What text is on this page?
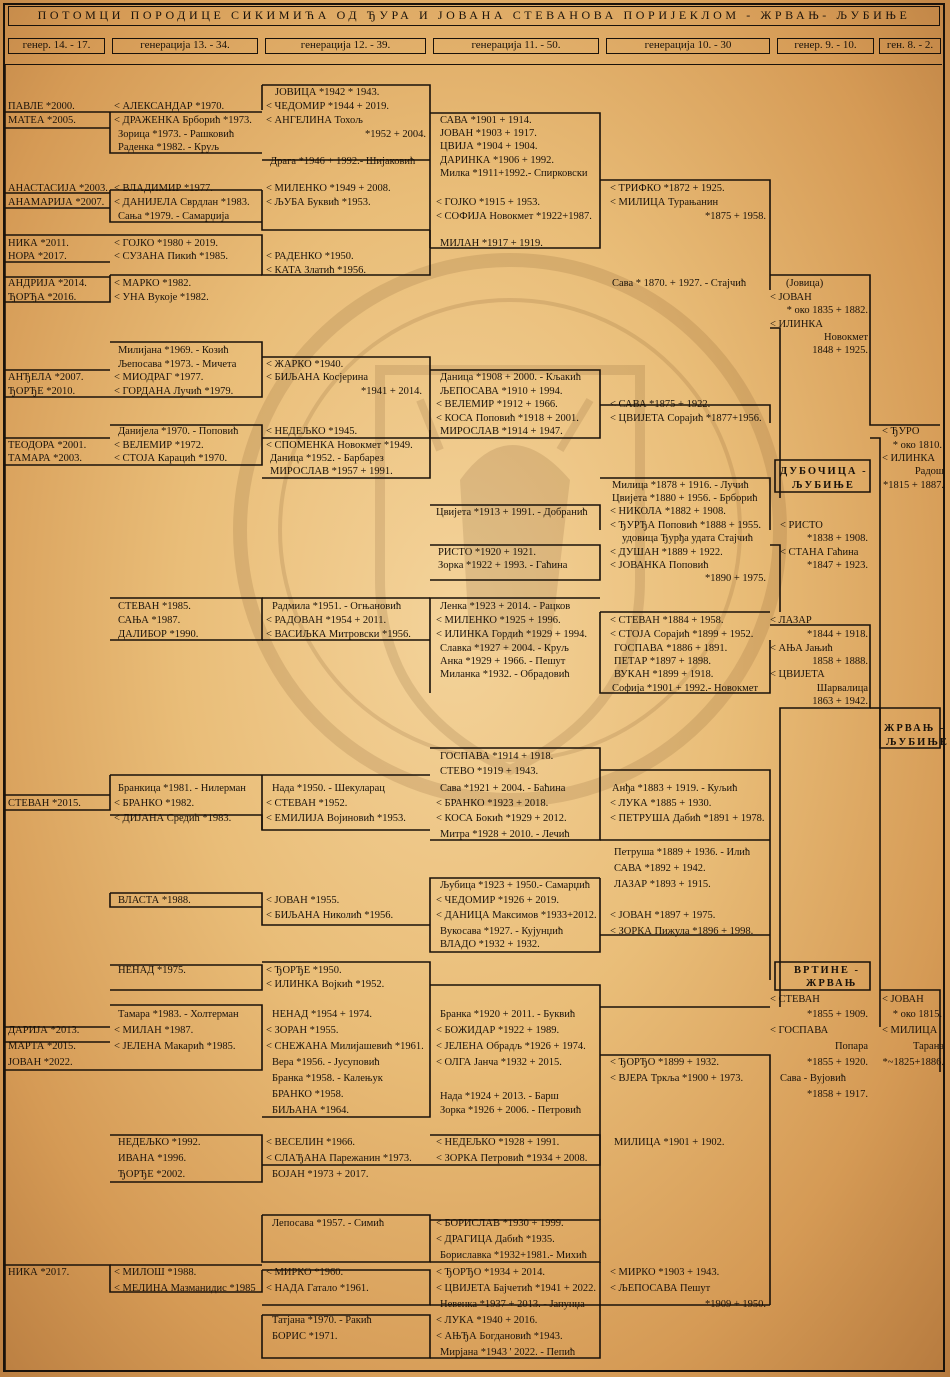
ПОТОМЦИ ПОРОДИЦЕ СИКИМИЋА ОД ЂУРА И ЈОВАНА СТЕВАНОВА ПОРИЈЕКЛОМ - ЖРВАЊ- ЉУБИЊЕ
генер. 14. - 17.	генерација 13. - 34.	генерација 12. - 39.	генерација 11. - 50.	генерација 10. - 30	генер. 9. - 10.	ген. 8. - 2.
ЈОВИЦА *1942 * 1943.
ПАВЛЕ *2000.	< АЛЕКСАНДАР *1970.	< ЧЕДОМИР *1944 + 2019.
МАТЕА *2005.	< ДРАЖЕНКА Брборић *1973. < АНГЕЛИНА Тохољ
Зорица *1973. - Рашковић	*1952 + 2004.
Раденка *1982. - Круљ
Драга *1946 + 1992.- Шијаковић
САВА *1901 + 1914.
ЈОВАН *1903 + 1917.
ЦВИЈА *1904 + 1904.
ДАРИНКА *1906 + 1992.
Милка *1911+1992.- Спирковски
АНАСТАСИЈА *2003. < ВЛАДИМИР *1977.	< МИЛЕНКО *1949 + 2008.	< ТРИФКО *1872 + 1925.
АНАМАРИЈА *2007. < ДАНИЈЕЛА Сврдлан *1983. < ЉУБА Буквић *1953.	< ГОЈКО *1915 + 1953.	< МИЛИЦА Турањанин
Сања *1979. - Самарџија	< СОФИЈА Новокмет *1922+1987.	*1875 + 1958.
НИКА *2011.	< ГОЈКО *1980 + 2019.	МИЛАН *1917 + 1919.
НОРА *2017.	< СУЗАНА Пикић *1985.	< РАДЕНКО *1950.
< КАТА Златић *1956.
Сава * 1870. + 1927. - Стајчић	(Јовица)
АНДРИЈА *2014.	< МАРКО *1982.
< ЈОВАН
ЂОРЂА *2016.	< УНА Вукоје *1982.
* око 1835 + 1882.
< ИЛИНКА
Новокмет
Милијана *1969. - Козић	1848 + 1925.
Љепосава *1973. - Мичета	< ЖАРКО *1940.
АНЂЕЛА *2007.	< МИОДРАГ *1977.	< БИЉАНА Косјерина	Даница *1908 + 2000. - Кљакић
ЂОРЂЕ *2010.	< ГОРДАНА Лучић *1979.	*1941 + 2014. ЉЕПОСАВА *1910 + 1994.
< ВЕЛЕМИР *1912 + 1966.	< САВА *1875 + 1922.
Данијела *1970. - Поповић	< НЕДЕЉКО *1945.
< КОСА Поповић *1918 + 2001.	< ЦВИЈЕТА Сорајић *1877+1956.
< ЂУРО
МИРОСЛАВ *1914 + 1947.
ТЕОДОРА *2001.	< ВЕЛЕМИР *1972.	< СПОМЕНКА Новокмет *1949.	* око 1810.
ТАМАРА *2003.	< СТОЈА Карацић *1970.	Даница *1952. - Барбарез	< ИЛИНКА
МИРОСЛАВ *1957 + 1991.	Радош
ДУБОЧИЦА -
*1815 + 1887.
ЉУБИЊЕ
Милица *1878 + 1916. - Лучић
Цвијета *1880 + 1956. - Брборић
< НИКОЛА *1882 + 1908.
Цвијета *1913 + 1991. - Добранић
< ЂУРЂА Поповић *1888 + 1955. < РИСТО
удовица Ђурђа удата Стајчић	*1838 + 1908.
РИСТО *1920 + 1921.	< ДУШАН *1889 + 1922.	< СТАНА Гаћина
Зорка *1922 + 1993. - Гаћина	< ЈОВАНКА Поповић	*1847 + 1923.
*1890 + 1975.
СТЕВАН *1985.	Радмила *1951. - Огњановић	Ленка *1923 + 2014. - Рацков
САЊА *1987.	< РАДОВАН *1954 + 2011.	< МИЛЕНКО *1925 + 1996.	< СТЕВАН *1884 + 1958.	< ЛАЗАР
ДАЛИБОР *1990.	< ВАСИЉКА Митровски *1956. < ИЛИНКА Гордић *1929 + 1994. < СТОЈА Сорајић *1899 + 1952.	*1844 + 1918.
Славка *1927 + 2004. - Круљ	ГОСПАВА *1886 + 1891.	< АЊА Јањић
Анка *1929 + 1966. - Пешут	ПЕТАР *1897 + 1898.	1858 + 1888.
Миланка *1932. - Обрадовић	ВУКАН *1899 + 1918.	< ЦВИЈЕТА
Софија *1901 + 1992.- Новокмет	Шарвалица
1863 + 1942.
ЖРВАЊ -
ЉУБИЊЕ
ГОСПАВА *1914 + 1918.
СТЕВО *1919 + 1943.
Бранкица *1981. - Нилерман Нада *1950. - Шекуларац	Сава *1921 + 2004. - Баћина	Анђа *1883 + 1919. - Куљић
СТЕВАН *2015.	< БРАНКО *1982.	< СТЕВАН *1952.	< БРАНКО *1923 + 2018.	< ЛУКА *1885 + 1930.
< ДИЈАНА Средић *1983.	< ЕМИЛИЈА Војиновић *1953.	< КОСА Бокић *1929 + 2012.	< ПЕТРУША Дабић *1891 + 1978.
Митра *1928 + 2010. - Лечић
Петруша *1889 + 1936. - Илић
САВА *1892 + 1942.
ЛАЗАР *1893 + 1915.
Љубица *1923 + 1950.- Самарџић
ВЛАСТА *1988.	< ЈОВАН *1955.	< ЧЕДОМИР *1926 + 2019.
< БИЉАНА Николић *1956.	< ДАНИЦА Максимов *1933+2012. < ЈОВАН *1897 + 1975.
Вукосава *1927. - Кујунџић	< ЗОРКА Пижула *1896 + 1998.
ВЛАДО *1932 + 1932.
НЕНАД *1975.	< ЂОРЂЕ *1950.	ВРТИНЕ -
< ИЛИНКА Војкић *1952.	ЖРВАЊ
< СТЕВАН	< ЈОВАН
Тамара *1983. - Холтерман	НЕНАД *1954 + 1974.	Бранка *1920 + 2011. - Буквић	*1855 + 1909. * око 1815.
ДАРИЈА *2013.	< МИЛАН *1987.	< ЗОРАН *1955.	< БОЖИДАР *1922 + 1989.	< ГОСПАВА	< МИЛИЦА
МАРТА *2015.	< ЈЕЛЕНА Макарић *1985.	< СНЕЖАНА Милијашевић *1961. < ЈЕЛЕНА Обрадљ *1926 + 1974.	Попара	Тарана
ЈОВАН *2022.	Вера *1956. - Јусуповић	< ОЛГА Јанча *1932 + 2015.	< ЂОРЂО *1899 + 1932.	*1855 + 1920. *~1825+1886.
Бранка *1958. - Калењук	< ВЈЕРА Тркља *1900 + 1973.	Сава - Вујовић
БРАНКО *1958.	Нада *1924 + 2013. - Барш	*1858 + 1917.
БИЉАНА *1964.	Зорка *1926 + 2006. - Петровић
НЕДЕЉКО *1992.	< ВЕСЕЛИН *1966.	< НЕДЕЉКО *1928 + 1991.	МИЛИЦА *1901 + 1902.
ИВАНА *1996.	< СЛАЂАНА Парежанин *1973. < ЗОРКА Петровић *1934 + 2008.
ЂОРЂЕ *2002.	БОЈАН *1973 + 2017.
Лепосава *1957. - Симић	< БОРИСЛАВ *1930 + 1999.
< ДРАГИЦА Дабић *1935.
Бориславка *1932+1981.- Михић
НИКА *2017.	< МИЛОШ *1988.	< МИРКО *1960.	< ЂОРЂО *1934 + 2014.	< МИРКО *1903 + 1943.
< МЕЛИНА Мазманидис *1985 < НАДА Гатало *1961.	< ЦВИЈЕТА Бајчетић *1941 + 2022. < ЉЕПОСАВА Пешут
Невенка *1937 + 2013. - Јапунџа	*1909 + 1950.
Татјана *1970. - Ракић	< ЛУКА *1940 + 2016.
БОРИС *1971.	< АЊЂА Богдановић *1943.
Мирјана *1943 ' 2022. - Пепић
